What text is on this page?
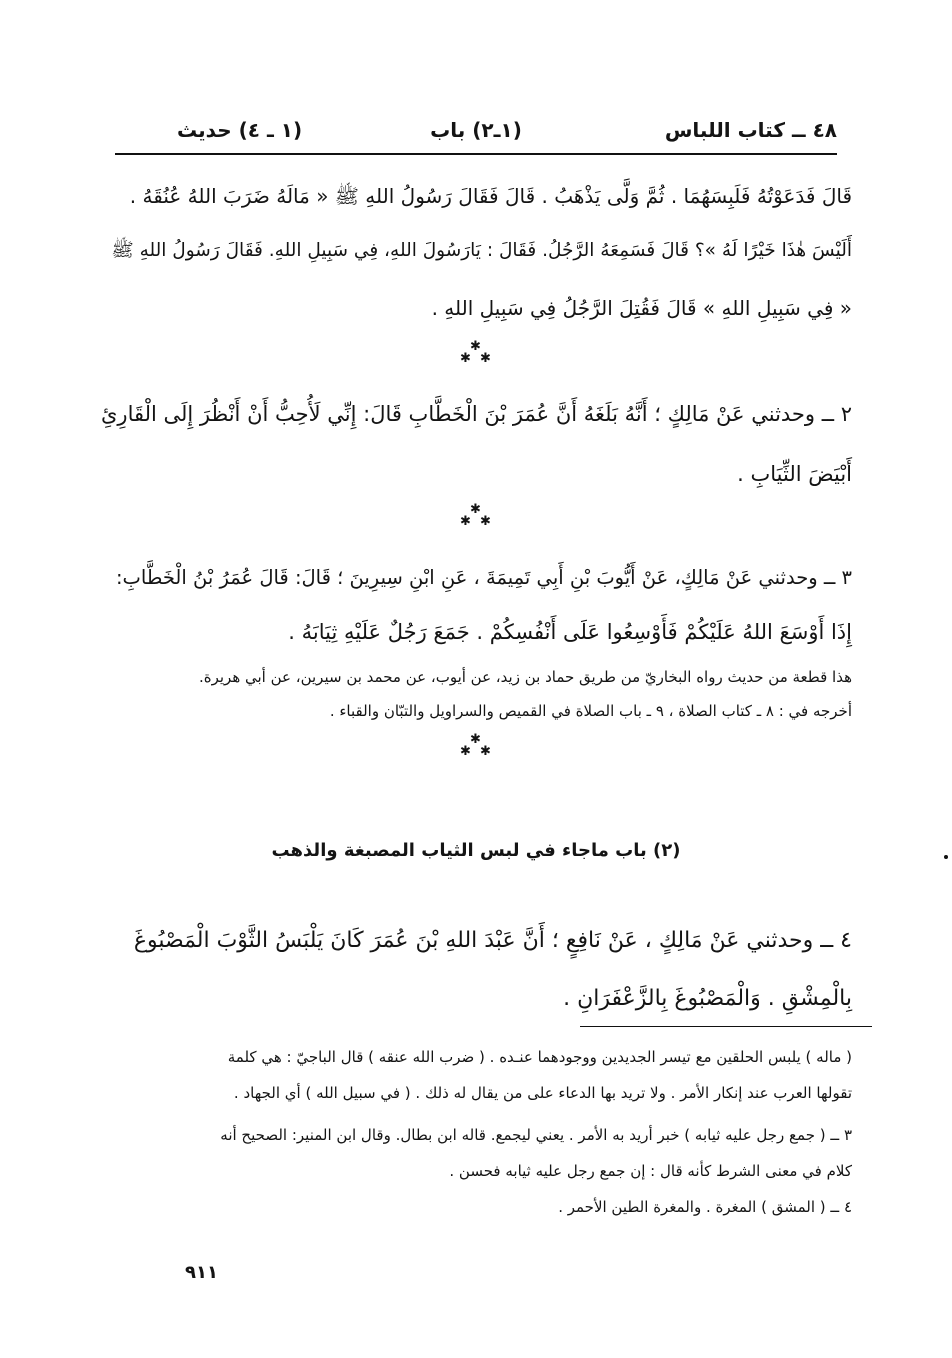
٤٨ ــ كتاب اللباس
(١ـ٢) باب
(١ ـ ٤) حديث
قَالَ فَدَعَوْتُهُ فَلَبِسَهُمَا . ثُمَّ وَلَّى يَذْهَبُ . قَالَ فَقَالَ رَسُولُ اللهِ ﷺ « مَالَهُ ضَرَبَ اللهُ عُنُقَهُ .
أَلَيْسَ هٰذَا خَيْرًا لَهُ »؟ قَالَ فَسَمِعَهُ الرَّجُلُ. فَقَالَ : يَارَسُولَ اللهِ، فِي سَبِيلِ اللهِ. فَقَالَ رَسُولُ اللهِ ﷺ
« فِي سَبِيلِ اللهِ » قَالَ فَقُتِلَ الرَّجُلُ فِي سَبِيلِ اللهِ .
✱
✱ ✱
٢ ــ وحدثني عَنْ مَالِكٍ ؛ أَنَّهُ بَلَغَهُ أَنَّ عُمَرَ بْنَ الْخَطَّابِ قَالَ: إِنِّي لَأُحِبُّ أَنْ أَنْظُرَ إِلَى الْقَارِئِ
أَبْيَضَ الثِّيَابِ .
✱
✱ ✱
٣ ــ وحدثني عَنْ مَالِكٍ، عَنْ أَيُّوبَ بْنِ أَبِي تَمِيمَةَ ، عَنِ ابْنِ سِيرِينَ ؛ قَالَ: قَالَ عُمَرُ بْنُ الْخَطَّابِ:
إِذَا أَوْسَعَ اللهُ عَلَيْكُمْ فَأَوْسِعُوا عَلَى أَنْفُسِكُمْ . جَمَعَ رَجُلٌ عَلَيْهِ ثِيَابَهُ .
هذا قطعة من حديث رواه البخاريّ من طريق حماد بن زيد، عن أيوب، عن محمد بن سيرين، عن أبي هريرة.
أخرجه في : ٨ ـ كتاب الصلاة ، ٩ ـ باب الصلاة في القميص والسراويل والتبّان والقباء .
✱
✱ ✱
(٢) باب ماجاء في لبس الثياب المصبغة والذهب
٤ ــ وحدثني عَنْ مَالِكٍ ، عَنْ نَافِعٍ ؛ أَنَّ عَبْدَ اللهِ بْنَ عُمَرَ كَانَ يَلْبَسُ الثَّوْبَ الْمَصْبُوغَ
بِالْمِشْقِ . وَالْمَصْبُوغَ بِالزَّعْفَرَانِ .
( ماله ) يلبس الحلقين مع تيسر الجديدين ووجودهما عنـده . ( ضرب الله عنقه ) قال الباجيّ : هي كلمة
تقولها العرب عند إنكار الأمر . ولا تريد بها الدعاء على من يقال له ذلك . ( في سبيل الله ) أي الجهاد .
٣ ــ ( جمع رجل عليه ثيابه ) خبر أريد به الأمر . يعني ليجمع. قاله ابن بطال. وقال ابن المنير: الصحيح أنه
كلام في معنى الشرط كأنه قال : إن جمع رجل عليه ثيابه فحسن .
٤ ــ ( المشق ) المغرة . والمغرة الطين الأحمر .
٩١١
